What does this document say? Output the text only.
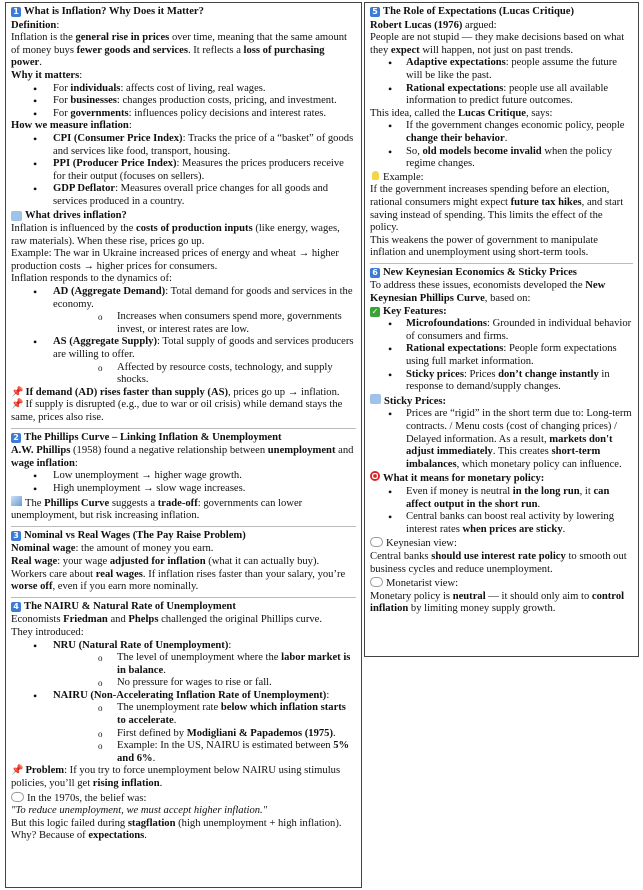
1 What is Inflation? Why Does it Matter?

Definition:

Inflation is the general rise in prices over time, meaning that the same amount of money buys fewer goods and services. It reflects a loss of purchasing power.

Why it matters:

• For individuals: affects cost of living, real wages.
• For businesses: changes production costs, pricing, and investment.
• For governments: influences policy decisions and interest rates.

How we measure inflation:

• CPI (Consumer Price Index): Tracks the price of a “basket” of goods and services like food, transport, housing.
• PPI (Producer Price Index): Measures the prices producers receive for their output (focuses on sellers).
• GDP Deflator: Measures overall price changes for all goods and services produced in a country.
What drives inflation?

Inflation is influenced by the costs of production inputs (like energy, wages, raw materials). When these rise, prices go up.

Example: The war in Ukraine increased prices of energy and wheat → higher production costs → higher prices for consumers.

Inflation responds to the dynamics of:

• AD (Aggregate Demand): Total demand for goods and services in the economy.
o Increases when consumers spend more, governments invest, or interest rates are low.
• AS (Aggregate Supply): Total supply of goods and services producers are willing to offer.
o Affected by resource costs, technology, and supply shocks.

📌 If demand (AD) rises faster than supply (AS), prices go up → inflation.

📌 If supply is disrupted (e.g., due to war or oil crisis) while demand stays the same, prices also rise.

2 The Phillips Curve – Linking Inflation & Unemployment

A.W. Phillips (1958) found a negative relationship between unemployment and wage inflation:

• Low unemployment → higher wage growth.
• High unemployment → slow wage increases.

The Phillips Curve suggests a trade-off: governments can lower unemployment, but risk increasing inflation.

3 Nominal vs Real Wages (The Pay Raise Problem)

Nominal wage: the amount of money you earn.

Real wage: your wage adjusted for inflation (what it can actually buy).

Workers care about real wages. If inflation rises faster than your salary, you’re worse off, even if you earn more nominally.

4 The NAIRU & Natural Rate of Unemployment

Economists Friedman and Phelps challenged the original Phillips curve.

They introduced:

• NRU (Natural Rate of Unemployment):
o The level of unemployment where the labor market is in balance.
o No pressure for wages to rise or fall.
• NAIRU (Non-Accelerating Inflation Rate of Unemployment):
o The unemployment rate below which inflation starts to accelerate.
o First defined by Modigliani & Papademos (1975).
o Example: In the US, NAIRU is estimated between 5% and 6%.

📌 Problem: If you try to force unemployment below NAIRU using stimulus policies, you’ll get rising inflation.

In the 1970s, the belief was:

"To reduce unemployment, we must accept higher inflation."

But this logic failed during stagflation (high unemployment + high inflation).

Why? Because of expectations.

5 The Role of Expectations (Lucas Critique)

Robert Lucas (1976) argued:

People are not stupid — they make decisions based on what they expect will happen, not just on past trends.

• Adaptive expectations: people assume the future will be like the past.
• Rational expectations: people use all available information to predict future outcomes.

This idea, called the Lucas Critique, says:

• If the government changes economic policy, people change their behavior.
• So, old models become invalid when the policy regime changes.

Example:

If the government increases spending before an election, rational consumers might expect future tax hikes, and start saving instead of spending. This limits the effect of the policy.

This weakens the power of government to manipulate inflation and unemployment using short-term tools.

6 New Keynesian Economics & Sticky Prices

To address these issues, economists developed the New Keynesian Phillips Curve, based on:

✓ Key Features:

• Microfoundations: Grounded in individual behavior of consumers and firms.
• Rational expectations: People form expectations using full market information.
• Sticky prices: Prices don’t change instantly in response to demand/supply changes.

Sticky Prices:

• Prices are “rigid” in the short term due to: Long-term contracts. / Menu costs (cost of changing prices) / Delayed information. As a result, markets don't adjust immediately. This creates short-term imbalances, which monetary policy can influence.

What it means for monetary policy:

• Even if money is neutral in the long run, it can affect output in the short run.
• Central banks can boost real activity by lowering interest rates when prices are sticky.

Keynesian view:

Central banks should use interest rate policy to smooth out business cycles and reduce unemployment.

Monetarist view:

Monetary policy is neutral — it should only aim to control inflation by limiting money supply growth.
